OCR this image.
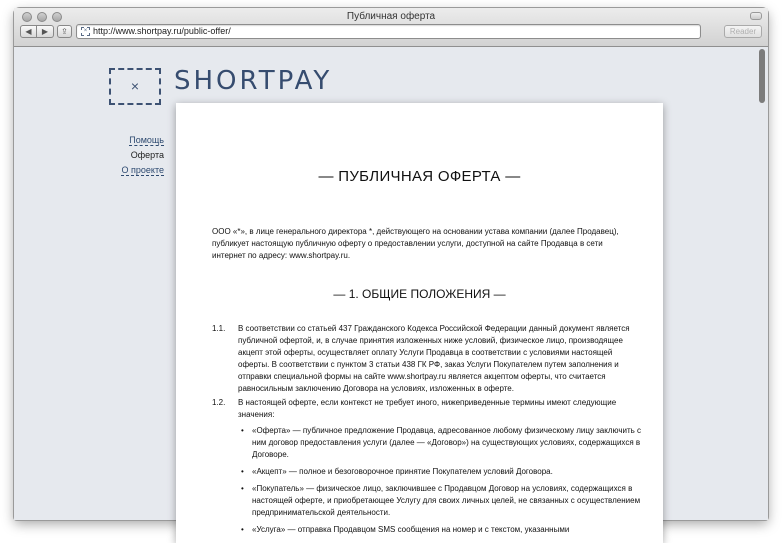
Публичная оферта
◀	▶	⇪	× http://www.shortpay.ru/public-offer/	Reader
×	SHORTPAY
Помощь
Оферта
О проекте	— ПУБЛИЧНАЯ ОФЕРТА —

ООО «*», в лице генерального директора *, действующего на основании устава компании (далее Продавец), публикует настоящую публичную оферту о предоставлении услуги, доступной на сайте Продавца в сети интернет по адресу: www.shortpay.ru.

— 1. ОБЩИЕ ПОЛОЖЕНИЯ —
1.1.	В соответствии со статьей 437 Гражданского Кодекса Российской Федерации данный документ является публичной офертой, и, в случае принятия изложенных ниже условий, физическое лицо, производящее акцепт этой оферты, осуществляет оплату Услуги Продавца в соответствии с условиями настоящей оферты. В соответствии с пунктом 3 статьи 438 ГК РФ, заказ Услуги Покупателем путем заполнения и отправки специальной формы на сайте www.shortpay.ru является акцептом оферты, что считается равносильным заключению Договора на условиях, изложенных в оферте.
1.2.	В настоящей оферте, если контекст не требует иного, нижеприведенные термины имеют следующие значения:
• «Оферта» — публичное предложение Продавца, адресованное любому физическому лицу заключить с ним договор предоставления услуги (далее — «Договор») на существующих условиях, содержащихся в Договоре.
• «Акцепт» — полное и безоговорочное принятие Покупателем условий Договора.
• «Покупатель» — физическое лицо, заключившее с Продавцом Договор на условиях, содержащихся в настоящей оферте, и приобретающее Услугу для своих личных целей, не связанных с осуществлением предпринимательской деятельности.
• «Услуга» — отправка Продавцом SMS сообщения на номер и с текстом, указанными
